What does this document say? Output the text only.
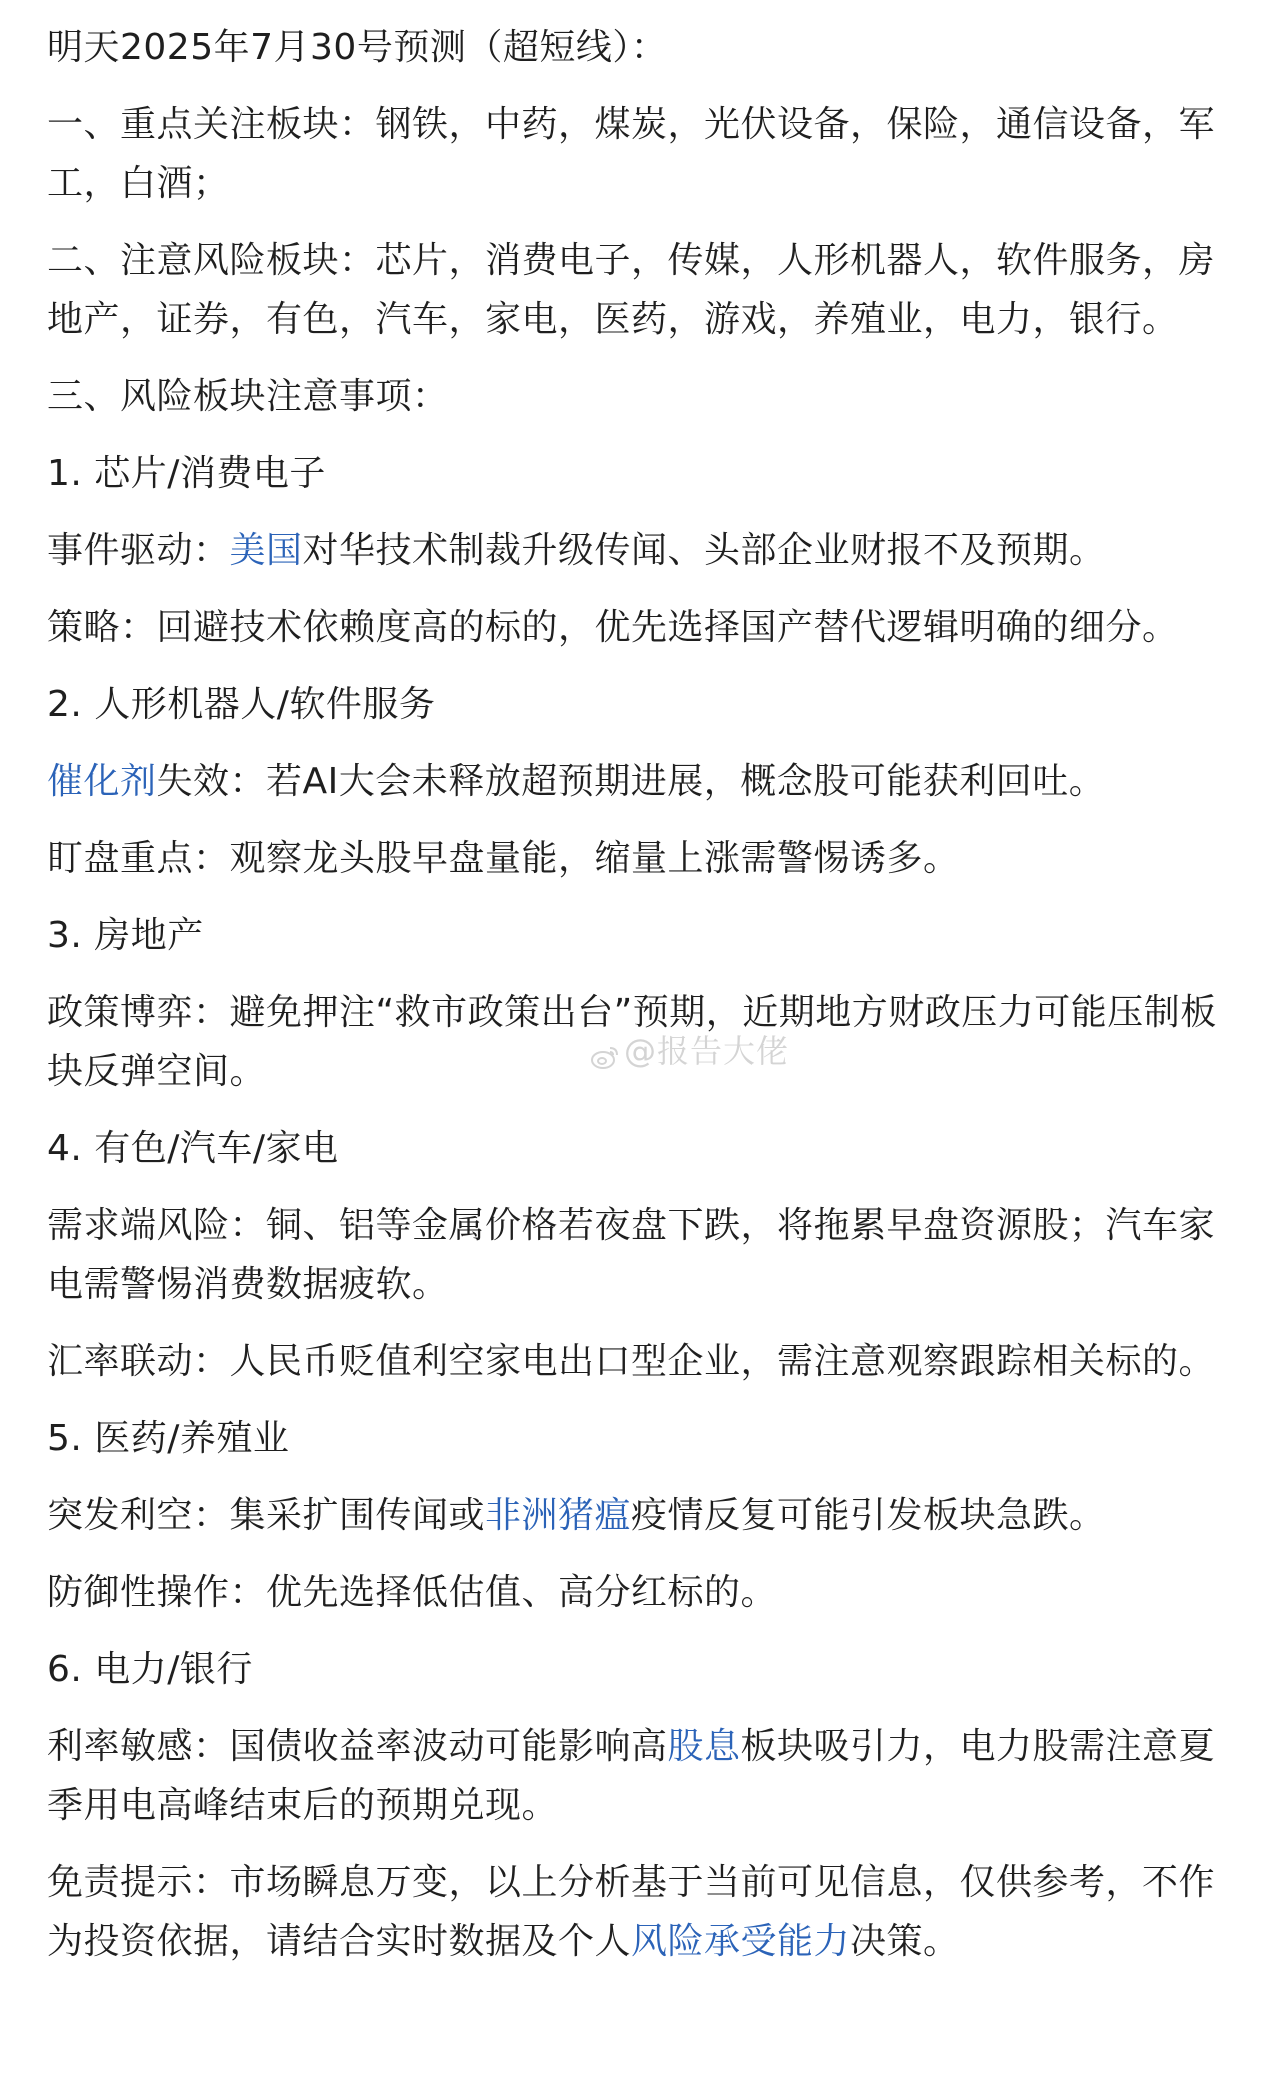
明天2025年7月30号预测（超短线）：

一、重点关注板块：钢铁，中药，煤炭，光伏设备，保险，通信设备，军工，白酒；

二、注意风险板块：芯片，消费电子，传媒，人形机器人，软件服务，房地产，证券，有色，汽车，家电，医药，游戏，养殖业，电力，银行。

三、风险板块注意事项：

1. 芯片/消费电子

事件驱动：美国对华技术制裁升级传闻、头部企业财报不及预期。

策略：回避技术依赖度高的标的，优先选择国产替代逻辑明确的细分。

2. 人形机器人/软件服务

催化剂失效：若AI大会未释放超预期进展，概念股可能获利回吐。

盯盘重点：观察龙头股早盘量能，缩量上涨需警惕诱多。

3. 房地产

政策博弈：避免押注“救市政策出台”预期，近期地方财政压力可能压制板块反弹空间。

4. 有色/汽车/家电

需求端风险：铜、铝等金属价格若夜盘下跌，将拖累早盘资源股；汽车家电需警惕消费数据疲软。

汇率联动：人民币贬值利空家电出口型企业，需注意观察跟踪相关标的。

5. 医药/养殖业

突发利空：集采扩围传闻或非洲猪瘟疫情反复可能引发板块急跌。

防御性操作：优先选择低估值、高分红标的。

6. 电力/银行

利率敏感：国债收益率波动可能影响高股息板块吸引力，电力股需注意夏季用电高峰结束后的预期兑现。

免责提示：市场瞬息万变，以上分析基于当前可见信息，仅供参考，不作为投资依据，请结合实时数据及个人风险承受能力决策。

@报告大佬
